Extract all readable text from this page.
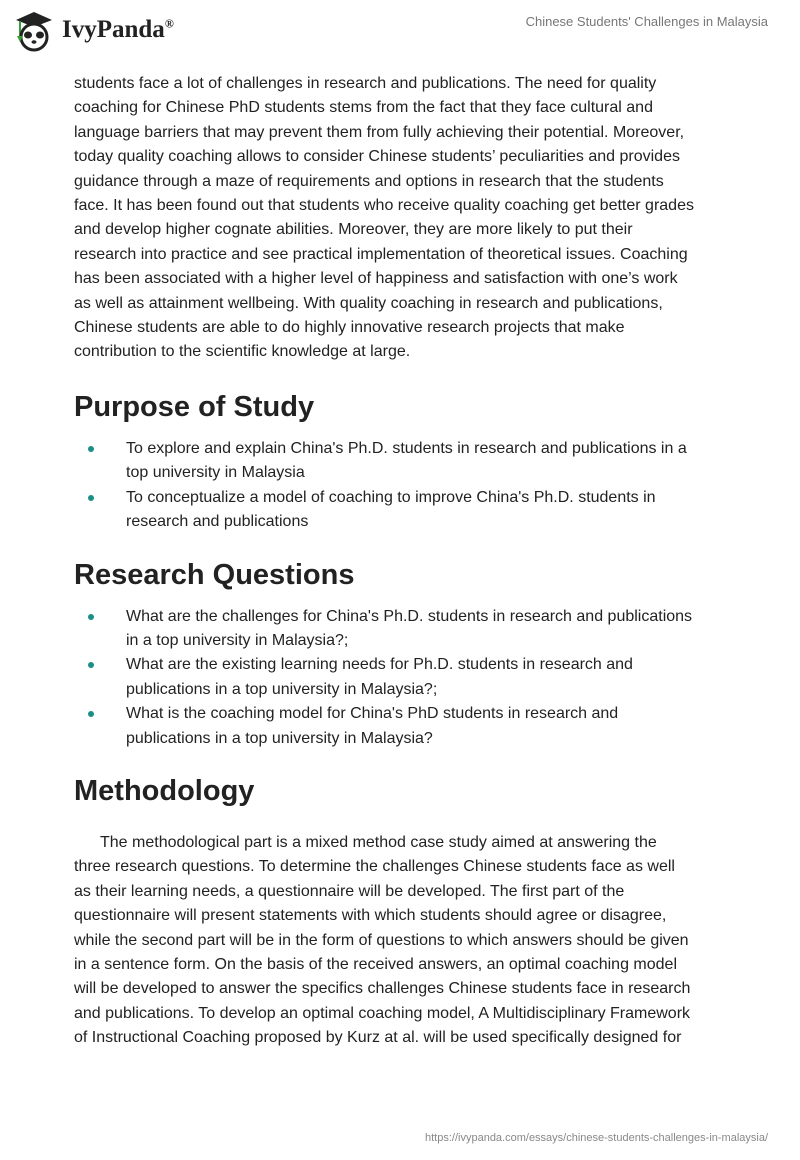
IvyPanda®	Chinese Students' Challenges in Malaysia
students face a lot of challenges in research and publications. The need for quality
coaching for Chinese PhD students stems from the fact that they face cultural and
language barriers that may prevent them from fully achieving their potential. Moreover,
today quality coaching allows to consider Chinese students’ peculiarities and provides
guidance through a maze of requirements and options in research that the students
face. It has been found out that students who receive quality coaching get better grades
and develop higher cognate abilities. Moreover, they are more likely to put their
research into practice and see practical implementation of theoretical issues. Coaching
has been associated with a higher level of happiness and satisfaction with one’s work
as well as attainment wellbeing. With quality coaching in research and publications,
Chinese students are able to do highly innovative research projects that make
contribution to the scientific knowledge at large.
Purpose of Study
To explore and explain China's Ph.D. students in research and publications in a
top university in Malaysia
To conceptualize a model of coaching to improve China's Ph.D. students in
research and publications
Research Questions
What are the challenges for China's Ph.D. students in research and publications
in a top university in Malaysia?;
What are the existing learning needs for Ph.D. students in research and
publications in a top university in Malaysia?;
What is the coaching model for China's PhD students in research and
publications in a top university in Malaysia?
Methodology
The methodological part is a mixed method case study aimed at answering the
three research questions. To determine the challenges Chinese students face as well
as their learning needs, a questionnaire will be developed. The first part of the
questionnaire will present statements with which students should agree or disagree,
while the second part will be in the form of questions to which answers should be given
in a sentence form. On the basis of the received answers, an optimal coaching model
will be developed to answer the specifics challenges Chinese students face in research
and publications. To develop an optimal coaching model, A Multidisciplinary Framework
of Instructional Coaching proposed by Kurz at al. will be used specifically designed for
https://ivypanda.com/essays/chinese-students-challenges-in-malaysia/
